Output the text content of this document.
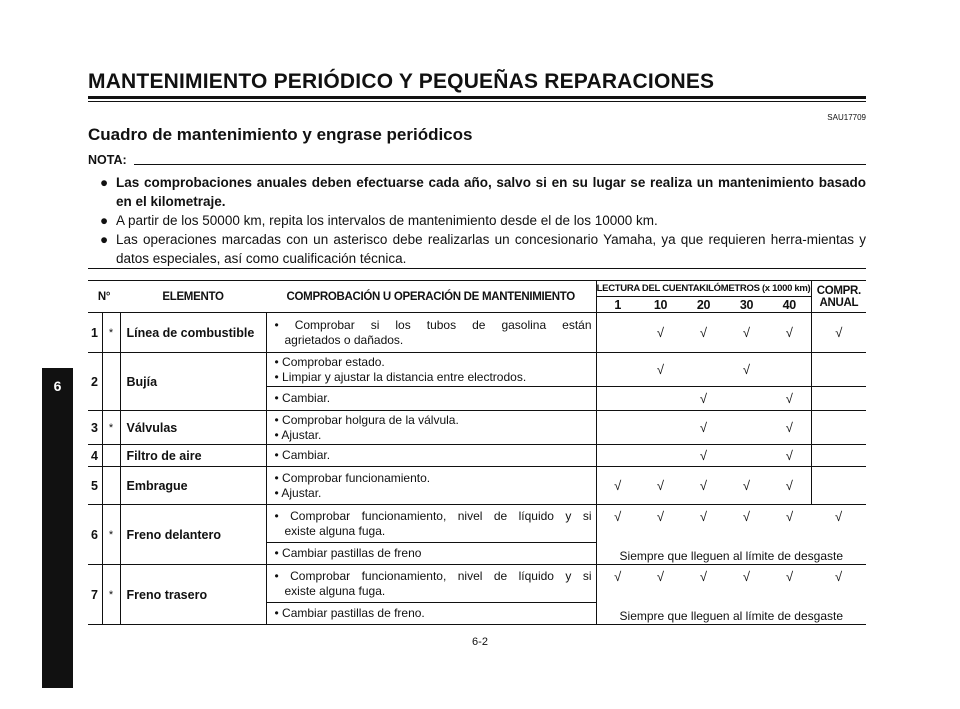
MANTENIMIENTO PERIÓDICO Y PEQUEÑAS REPARACIONES
SAU17709
Cuadro de mantenimiento y engrase periódicos
NOTA:
● Las comprobaciones anuales deben efectuarse cada año, salvo si en su lugar se realiza un mantenimiento basado en el kilometraje.
● A partir de los 50000 km, repita los intervalos de mantenimiento desde el de los 10000 km.
● Las operaciones marcadas con un asterisco debe realizarlas un concesionario Yamaha, ya que requieren herra-mientas y datos especiales, así como cualificación técnica.
6
N°		ELEMENTO	COMPROBACIÓN U OPERACIÓN DE MANTENIMIENTO	LECTURA DEL CUENTAKILÓMETROS (x 1000 km)					COMPR.
ANUAL

				1	10	20	30	40	
1	*	Línea de combustible	• Comprobar si los tubos de gasolina están
agrietados o dañados.		√	√	√	√	√
2		Bujía	• Comprobar estado.
• Limpiar y ajustar la distancia entre electrodos.		√		√		
			• Cambiar.			√		√	
3	*	Válvulas	• Comprobar holgura de la válvula.
• Ajustar.			√		√	
4		Filtro de aire	• Cambiar.			√		√	
5		Embrague	• Comprobar funcionamiento.
• Ajustar.	√	√	√	√	√	
6	*	Freno delantero	• Comprobar funcionamiento, nivel de líquido y si
existe alguna fuga.	√	√	√	√	√	√
			• Cambiar pastillas de freno	Siempre que lleguen al límite de desgaste					
7	*	Freno trasero	• Comprobar funcionamiento, nivel de líquido y si
existe alguna fuga.	√	√	√	√	√	√
			• Cambiar pastillas de freno.	Siempre que lleguen al límite de desgaste					
6-2
